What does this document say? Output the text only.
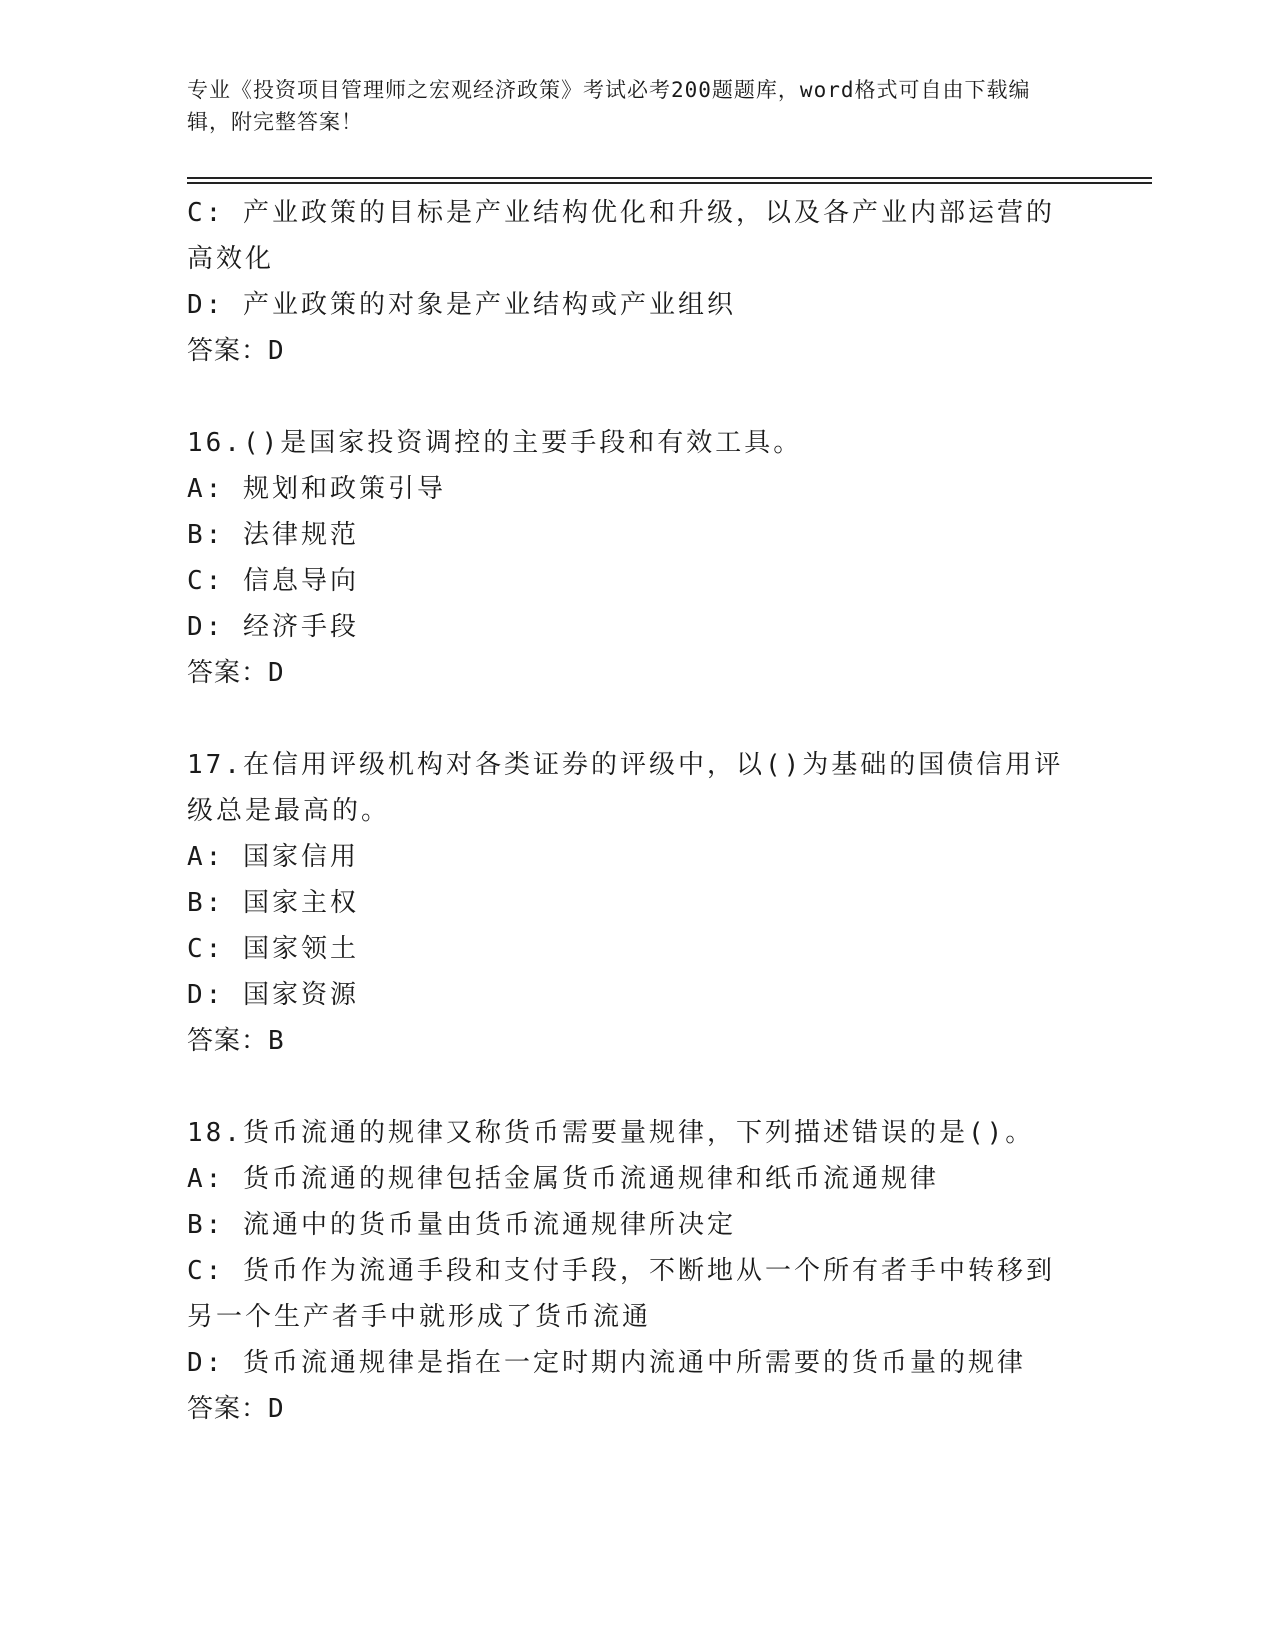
专业《投资项目管理师之宏观经济政策》考试必考200题题库，word格式可自由下载编辑，附完整答案！
C: 产业政策的目标是产业结构优化和升级，以及各产业内部运营的高效化
D: 产业政策的对象是产业结构或产业组织
答案：D
16.()是国家投资调控的主要手段和有效工具。
A: 规划和政策引导
B: 法律规范
C: 信息导向
D: 经济手段
答案：D
17.在信用评级机构对各类证券的评级中，以()为基础的国债信用评级总是最高的。
A: 国家信用
B: 国家主权
C: 国家领土
D: 国家资源
答案：B
18.货币流通的规律又称货币需要量规律，下列描述错误的是()。
A: 货币流通的规律包括金属货币流通规律和纸币流通规律
B: 流通中的货币量由货币流通规律所决定
C: 货币作为流通手段和支付手段，不断地从一个所有者手中转移到另一个生产者手中就形成了货币流通
D: 货币流通规律是指在一定时期内流通中所需要的货币量的规律
答案：D
